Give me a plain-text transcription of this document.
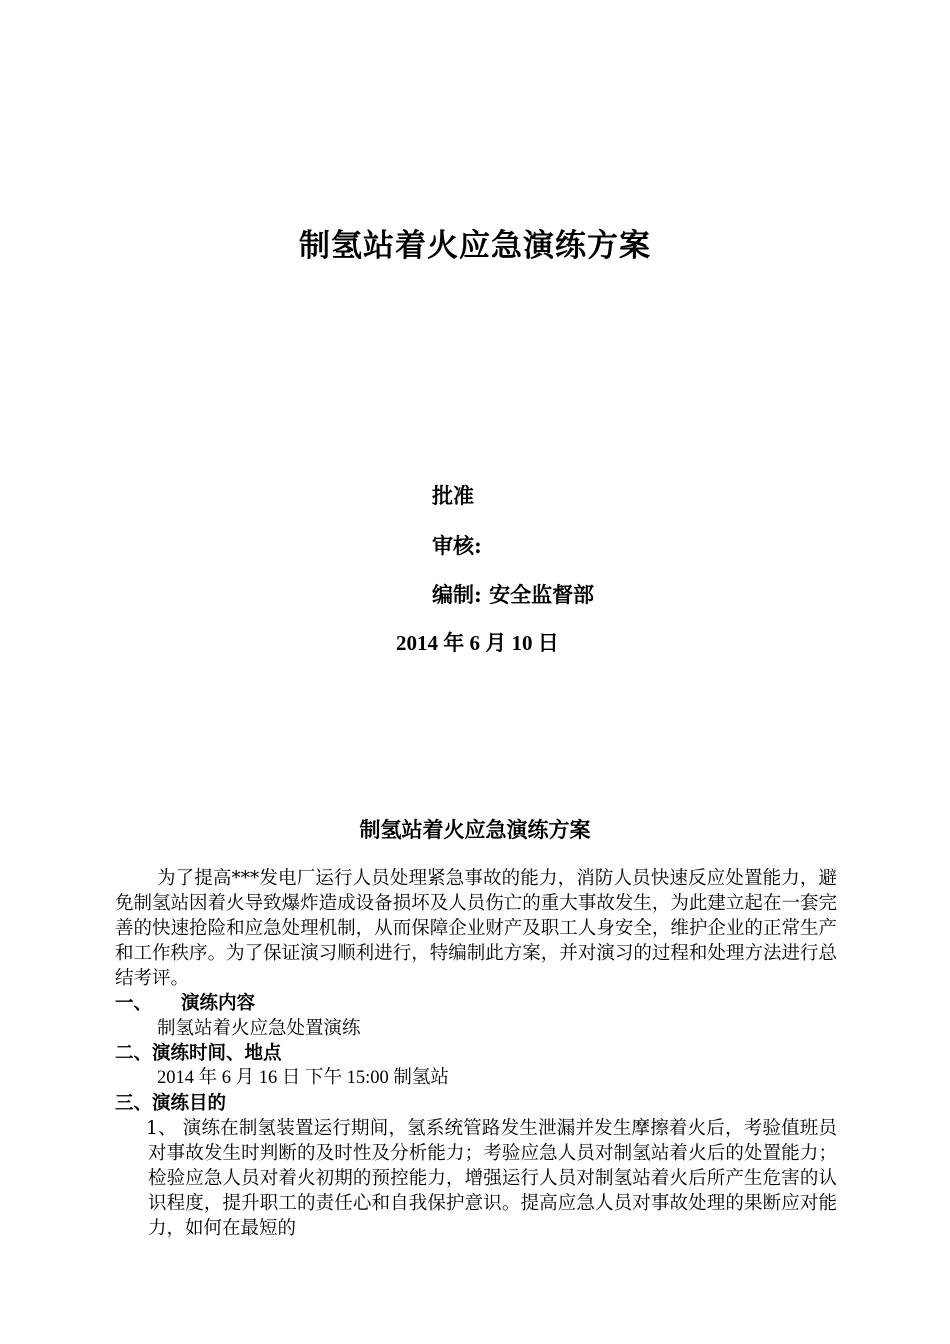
制氢站着火应急演练方案
批准
审核:
编制: 安全监督部
2014 年 6 月 10 日
制氢站着火应急演练方案

为了提高***发电厂运行人员处理紧急事故的能力，消防人员快速反应处置能力，避免制氢站因着火导致爆炸造成设备损坏及人员伤亡的重大事故发生，为此建立起在一套完善的快速抢险和应急处理机制，从而保障企业财产及职工人身安全，维护企业的正常生产和工作秩序。为了保证演习顺利进行，特编制此方案，并对演习的过程和处理方法进行总结考评。

一、 演练内容

制氢站着火应急处置演练

二、演练时间、地点

2014 年 6 月 16 日 下午 15:00 制氢站

三、演练目的

1、 演练在制氢装置运行期间，氢系统管路发生泄漏并发生摩擦着火后，考验值班员对事故发生时判断的及时性及分析能力；考验应急人员对制氢站着火后的处置能力；检验应急人员对着火初期的预控能力，增强运行人员对制氢站着火后所产生危害的认识程度，提升职工的责任心和自我保护意识。提高应急人员对事故处理的果断应对能力，如何在最短的
